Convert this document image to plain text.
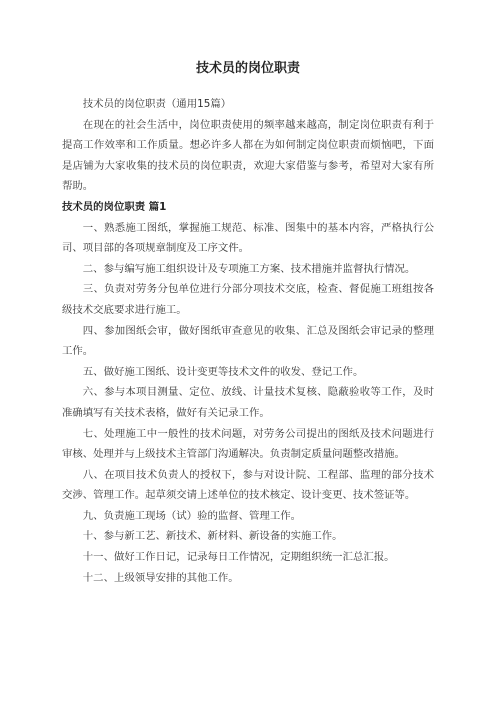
技术员的岗位职责

技术员的岗位职责（通用15篇）

在现在的社会生活中，岗位职责使用的频率越来越高，制定岗位职责有利于提高工作效率和工作质量。想必许多人都在为如何制定岗位职责而烦恼吧，下面是店铺为大家收集的技术员的岗位职责，欢迎大家借鉴与参考，希望对大家有所帮助。

技术员的岗位职责 篇1

一、熟悉施工图纸，掌握施工规范、标准、图集中的基本内容，严格执行公司、项目部的各项规章制度及工序文件。

二、参与编写施工组织设计及专项施工方案、技术措施并监督执行情况。

三、负责对劳务分包单位进行分部分项技术交底，检查、督促施工班组按各级技术交底要求进行施工。

四、参加图纸会审，做好图纸审查意见的收集、汇总及图纸会审记录的整理工作。

五、做好施工图纸、设计变更等技术文件的收发、登记工作。

六、参与本项目测量、定位、放线、计量技术复核、隐蔽验收等工作，及时准确填写有关技术表格，做好有关记录工作。

七、处理施工中一般性的技术问题，对劳务公司提出的图纸及技术问题进行审核、处理并与上级技术主管部门沟通解决。负责制定质量问题整改措施。

八、在项目技术负责人的授权下，参与对设计院、工程部、监理的部分技术交涉、管理工作。起草须交请上述单位的技术核定、设计变更、技术签证等。

九、负责施工现场（试）验的监督、管理工作。

十、参与新工艺、新技术、新材料、新设备的实施工作。

十一、做好工作日记，记录每日工作情况，定期组织统一汇总汇报。

十二、上级领导安排的其他工作。
